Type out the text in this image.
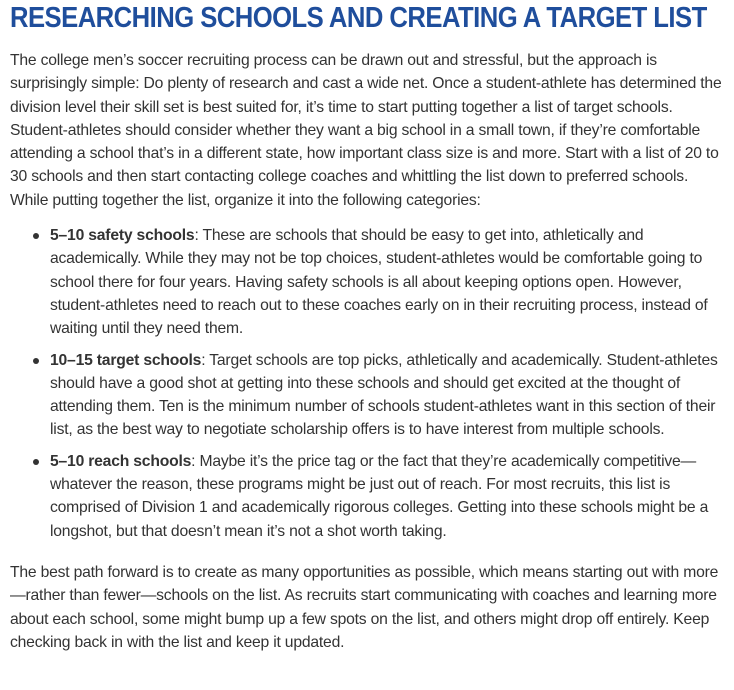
RESEARCHING SCHOOLS AND CREATING A TARGET LIST

The college men’s soccer recruiting process can be drawn out and stressful, but the approach is surprisingly simple: Do plenty of research and cast a wide net. Once a student-athlete has determined the division level their skill set is best suited for, it’s time to start putting together a list of target schools. Student-athletes should consider whether they want a big school in a small town, if they’re comfortable attending a school that’s in a different state, how important class size is and more. Start with a list of 20 to 30 schools and then start contacting college coaches and whittling the list down to preferred schools. While putting together the list, organize it into the following categories:

5–10 safety schools: These are schools that should be easy to get into, athletically and academically. While they may not be top choices, student-athletes would be comfortable going to school there for four years. Having safety schools is all about keeping options open. However, student-athletes need to reach out to these coaches early on in their recruiting process, instead of waiting until they need them.
10–15 target schools: Target schools are top picks, athletically and academically. Student-athletes should have a good shot at getting into these schools and should get excited at the thought of attending them. Ten is the minimum number of schools student-athletes want in this section of their list, as the best way to negotiate scholarship offers is to have interest from multiple schools.
5–10 reach schools: Maybe it’s the price tag or the fact that they’re academically competitive—whatever the reason, these programs might be just out of reach. For most recruits, this list is comprised of Division 1 and academically rigorous colleges. Getting into these schools might be a longshot, but that doesn’t mean it’s not a shot worth taking.

The best path forward is to create as many opportunities as possible, which means starting out with more—rather than fewer—schools on the list. As recruits start communicating with coaches and learning more about each school, some might bump up a few spots on the list, and others might drop off entirely. Keep checking back in with the list and keep it updated.
